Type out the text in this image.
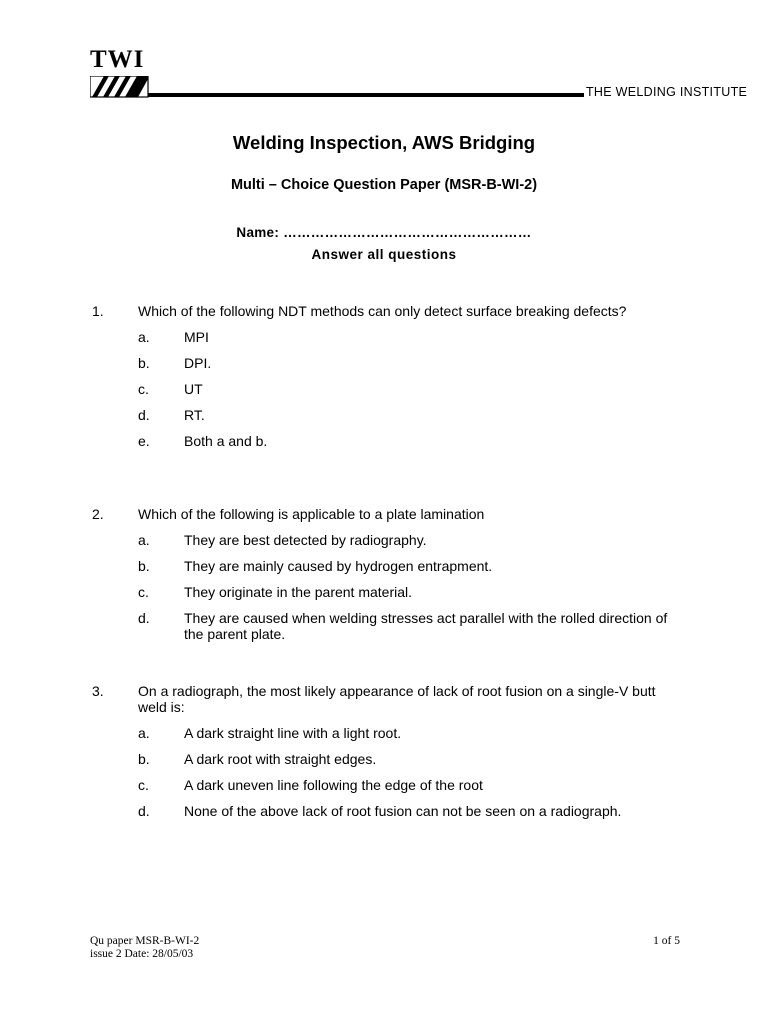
TWI
THE WELDING INSTITUTE
Welding Inspection, AWS Bridging
Multi – Choice Question Paper (MSR-B-WI-2)
Name: ………………………………………………
Answer all questions
1. Which of the following NDT methods can only detect surface breaking defects?
a. MPI
b. DPI.
c.	UT
d. RT.
e. Both a and b.
2. Which of the following is applicable to a plate lamination
a. They are best detected by radiography.
b. They are mainly caused by hydrogen entrapment.
c.	They originate in the parent material.
d. They are caused when welding stresses act parallel with the rolled direction of the parent plate.
3. On a radiograph, the most likely appearance of lack of root fusion on a single-V butt weld is:
a. A dark straight line with a light root.
b. A dark root with straight edges.
c.	A dark uneven line following the edge of the root
d. None of the above lack of root fusion can not be seen on a radiograph.
Qu paper MSR-B-WI-2
issue 2 Date: 28/05/03
1 of 5
